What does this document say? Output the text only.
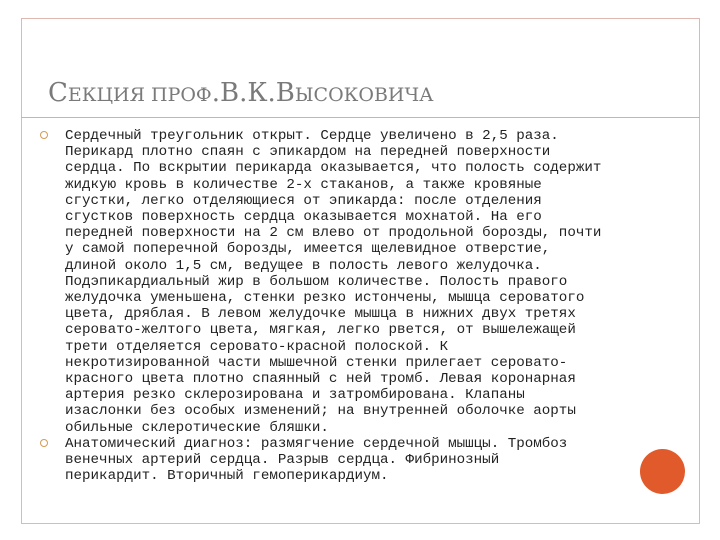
СЕКЦИЯ ПРОФ.В.К.ВЫСОКОВИЧА
Сердечный треугольник открыт. Сердце увеличено в 2,5 раза.
Перикард плотно спаян с эпикардом на передней поверхности
сердца. По вскрытии перикарда оказывается, что полость содержит
жидкую кровь в количестве 2-х стаканов, а также кровяные
сгустки, легко отделяющиеся от эпикарда: после отделения
сгустков поверхность сердца оказывается мохнатой. На его
передней поверхности на 2 см влево от продольной борозды, почти
у самой поперечной борозды, имеется щелевидное отверстие,
длиной около 1,5 см, ведущее в полость левого желудочка.
Подэпикардиальный жир в большом количестве. Полость правого
желудочка уменьшена, стенки резко истончены, мышца сероватого
цвета, дряблая. В левом желудочке мышца в нижних двух третях
серовато-желтого цвета, мягкая, легко рвется, от вышележащей
трети отделяется серовато-красной полоской. К
некротизированной части мышечной стенки прилегает серовато-
красного цвета плотно спаянный с ней тромб. Левая коронарная
артерия резко склерозирована и затромбирована. Клапаны
изаслонки без особых изменений; на внутренней оболочке аорты
обильные склеротические бляшки.
Анатомический диагноз: размягчение сердечной мышцы. Тромбоз
венечных артерий сердца. Разрыв сердца. Фибринозный
перикардит. Вторичный гемоперикардиум.
